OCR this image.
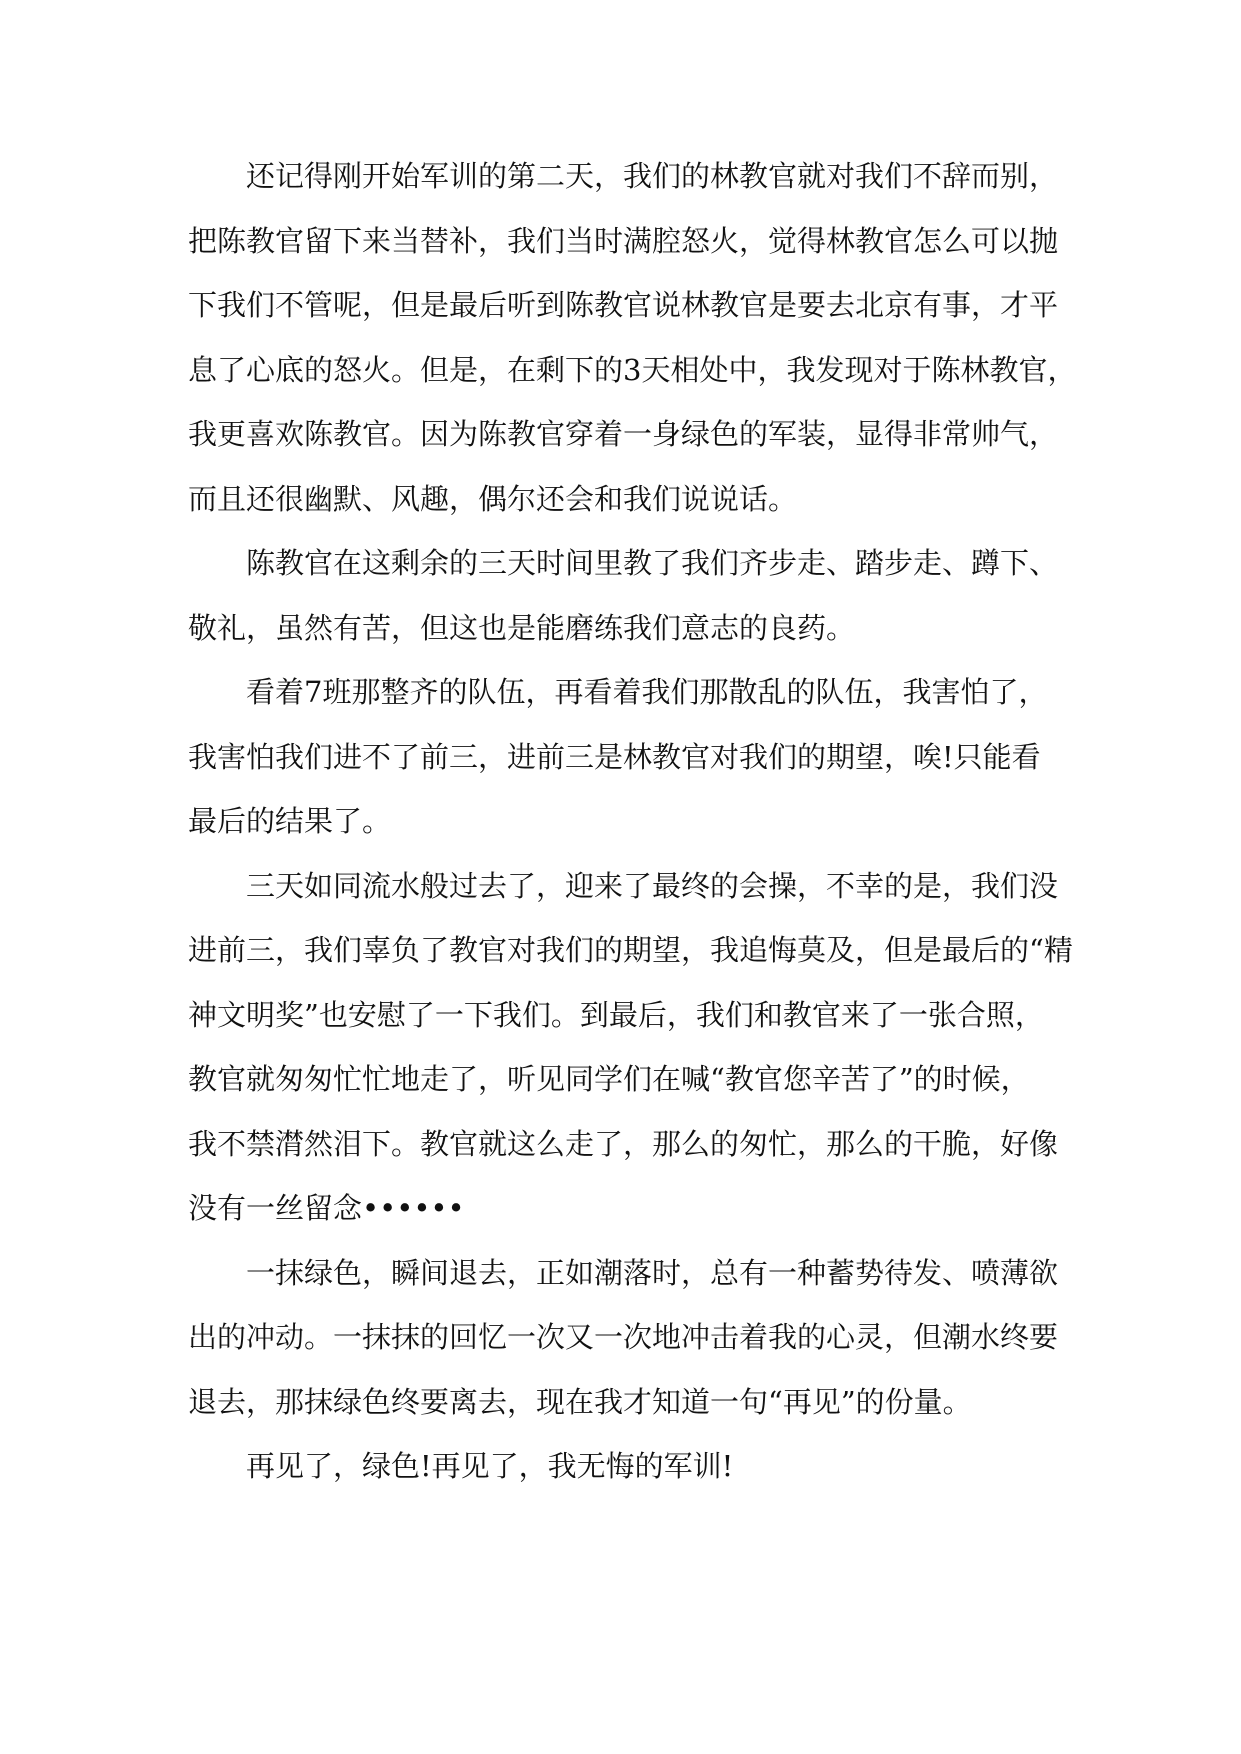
还记得刚开始军训的第二天，我们的林教官就对我们不辞而别，
把陈教官留下来当替补，我们当时满腔怒火，觉得林教官怎么可以抛
下我们不管呢，但是最后听到陈教官说林教官是要去北京有事，才平
息了心底的怒火。但是，在剩下的3天相处中，我发现对于陈林教官，
我更喜欢陈教官。因为陈教官穿着一身绿色的军装，显得非常帅气，
而且还很幽默、风趣，偶尔还会和我们说说话。
陈教官在这剩余的三天时间里教了我们齐步走、踏步走、蹲下、
敬礼，虽然有苦，但这也是能磨练我们意志的良药。
看着7班那整齐的队伍，再看着我们那散乱的队伍，我害怕了，
我害怕我们进不了前三，进前三是林教官对我们的期望，唉!只能看
最后的结果了。
三天如同流水般过去了，迎来了最终的会操，不幸的是，我们没
进前三，我们辜负了教官对我们的期望，我追悔莫及，但是最后的“精
神文明奖”也安慰了一下我们。到最后，我们和教官来了一张合照，
教官就匆匆忙忙地走了，听见同学们在喊“教官您辛苦了”的时候，
我不禁潸然泪下。教官就这么走了，那么的匆忙，那么的干脆，好像
没有一丝留念••••••
一抹绿色，瞬间退去，正如潮落时，总有一种蓄势待发、喷薄欲
出的冲动。一抹抹的回忆一次又一次地冲击着我的心灵，但潮水终要
退去，那抹绿色终要离去，现在我才知道一句“再见”的份量。
再见了，绿色!再见了，我无悔的军训!
